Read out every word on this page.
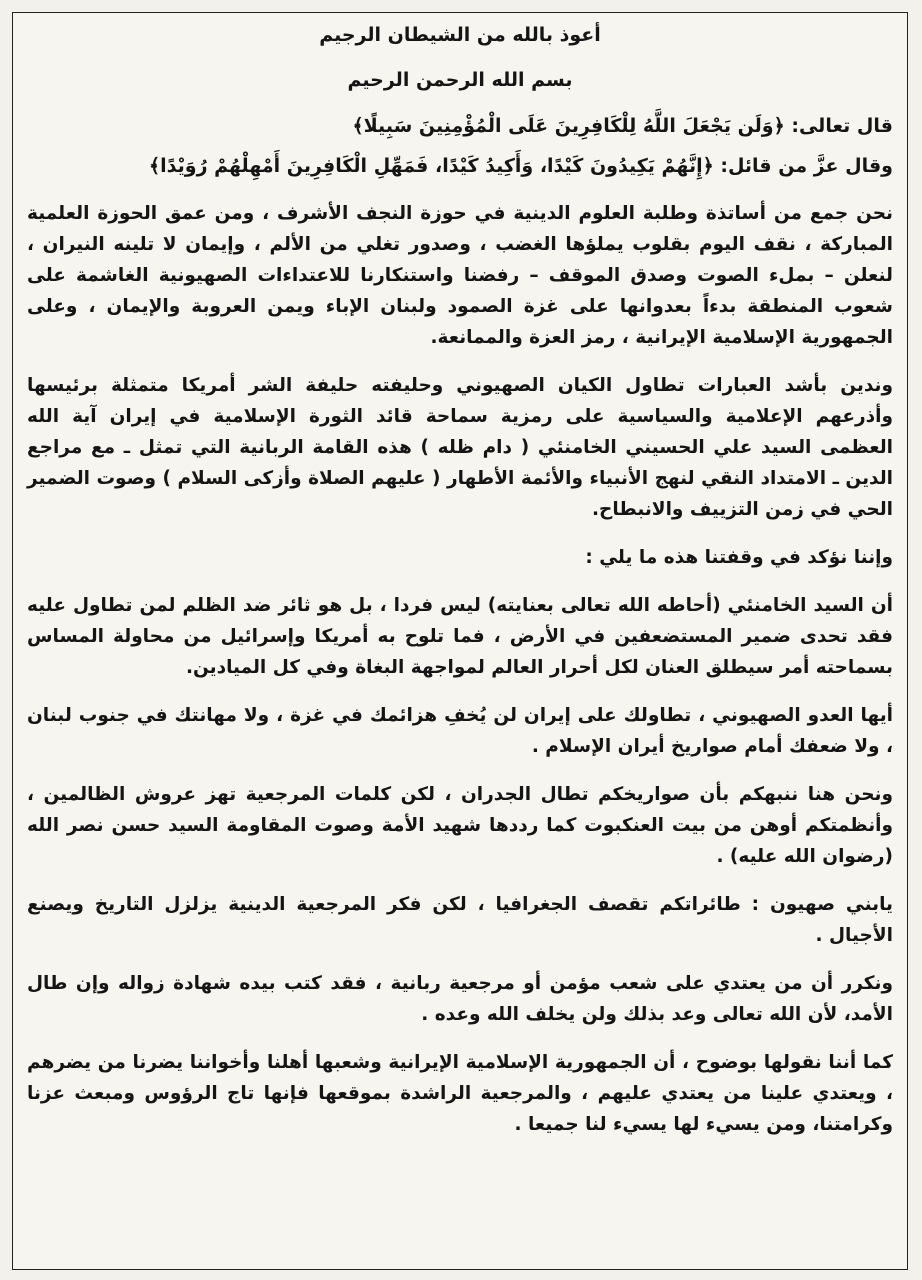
أعوذ بالله من الشيطان الرجيم
بسم الله الرحمن الرحيم
قال تعالى: ﴿وَلَن يَجْعَلَ اللَّهُ لِلْكَافِرِينَ عَلَى الْمُؤْمِنِينَ سَبِيلًا﴾
وقال عزَّ من قائل: ﴿إِنَّهُمْ يَكِيدُونَ كَيْدًا، وَأَكِيدُ كَيْدًا، فَمَهِّلِ الْكَافِرِينَ أَمْهِلْهُمْ رُوَيْدًا﴾
نحن جمع من أساتذة وطلبة العلوم الدينية في حوزة النجف الأشرف ، ومن عمق الحوزة العلمية المباركة ، نقف اليوم بقلوب يملؤها الغضب ، وصدور تغلي من الألم ، وإيمان لا تلينه النيران ، لنعلن – بملء الصوت وصدق الموقف – رفضنا واستنكارنا للاعتداءات الصهيونية الغاشمة على شعوب المنطقة بدءاً بعدوانها على غزة الصمود ولبنان الإباء ويمن العروبة والإيمان ، وعلى الجمهورية الإسلامية الإيرانية ، رمز العزة والممانعة.
وندين بأشد العبارات تطاول الكيان الصهيوني وحليفته حليفة الشر أمريكا متمثلة برئيسها وأذرعهم الإعلامية والسياسية على رمزية سماحة قائد الثورة الإسلامية في إيران آية الله العظمى السيد علي الحسيني الخامنئي ( دام ظله ) هذه القامة الربانية التي تمثل ـ مع مراجع الدين ـ الامتداد النقي لنهج الأنبياء والأئمة الأطهار ( عليهم الصلاة وأزكى السلام ) وصوت الضمير الحي في زمن التزييف والانبطاح.
وإننا نؤكد في وقفتنا هذه ما يلي :
أن السيد الخامنئي (أحاطه الله تعالى بعنايته) ليس فردا ، بل هو ثائر ضد الظلم لمن تطاول عليه فقد تحدى ضمير المستضعفين في الأرض ، فما تلوح به أمريكا وإسرائيل من محاولة المساس بسماحته أمر سيطلق العنان لكل أحرار العالم لمواجهة البغاة وفي كل الميادين.
أيها العدو الصهيوني ، تطاولك على إيران لن يُخفِ هزائمك في غزة ، ولا مهانتك في جنوب لبنان ، ولا ضعفك أمام صواريخ أيران الإسلام .
ونحن هنا ننبهكم بأن صواريخكم تطال الجدران ، لكن كلمات المرجعية تهز عروش الظالمين ، وأنظمتكم أوهن من بيت العنكبوت كما رددها شهيد الأمة وصوت المقاومة السيد حسن نصر الله (رضوان الله عليه) .
يابني صهيون : طائراتكم تقصف الجغرافيا ، لكن فكر المرجعية الدينية يزلزل التاريخ ويصنع الأجيال .
ونكرر أن من يعتدي على شعب مؤمن أو مرجعية ربانية ، فقد كتب بيده شهادة زواله وإن طال الأمد، لأن الله تعالى وعد بذلك ولن يخلف الله وعده .
كما أننا نقولها بوضوح ، أن الجمهورية الإسلامية الإيرانية وشعبها أهلنا وأخواننا يضرنا من يضرهم ، ويعتدي علينا من يعتدي عليهم ، والمرجعية الراشدة بموقعها فإنها تاج الرؤوس ومبعث عزنا وكرامتنا، ومن يسيء لها يسيء لنا جميعا .
